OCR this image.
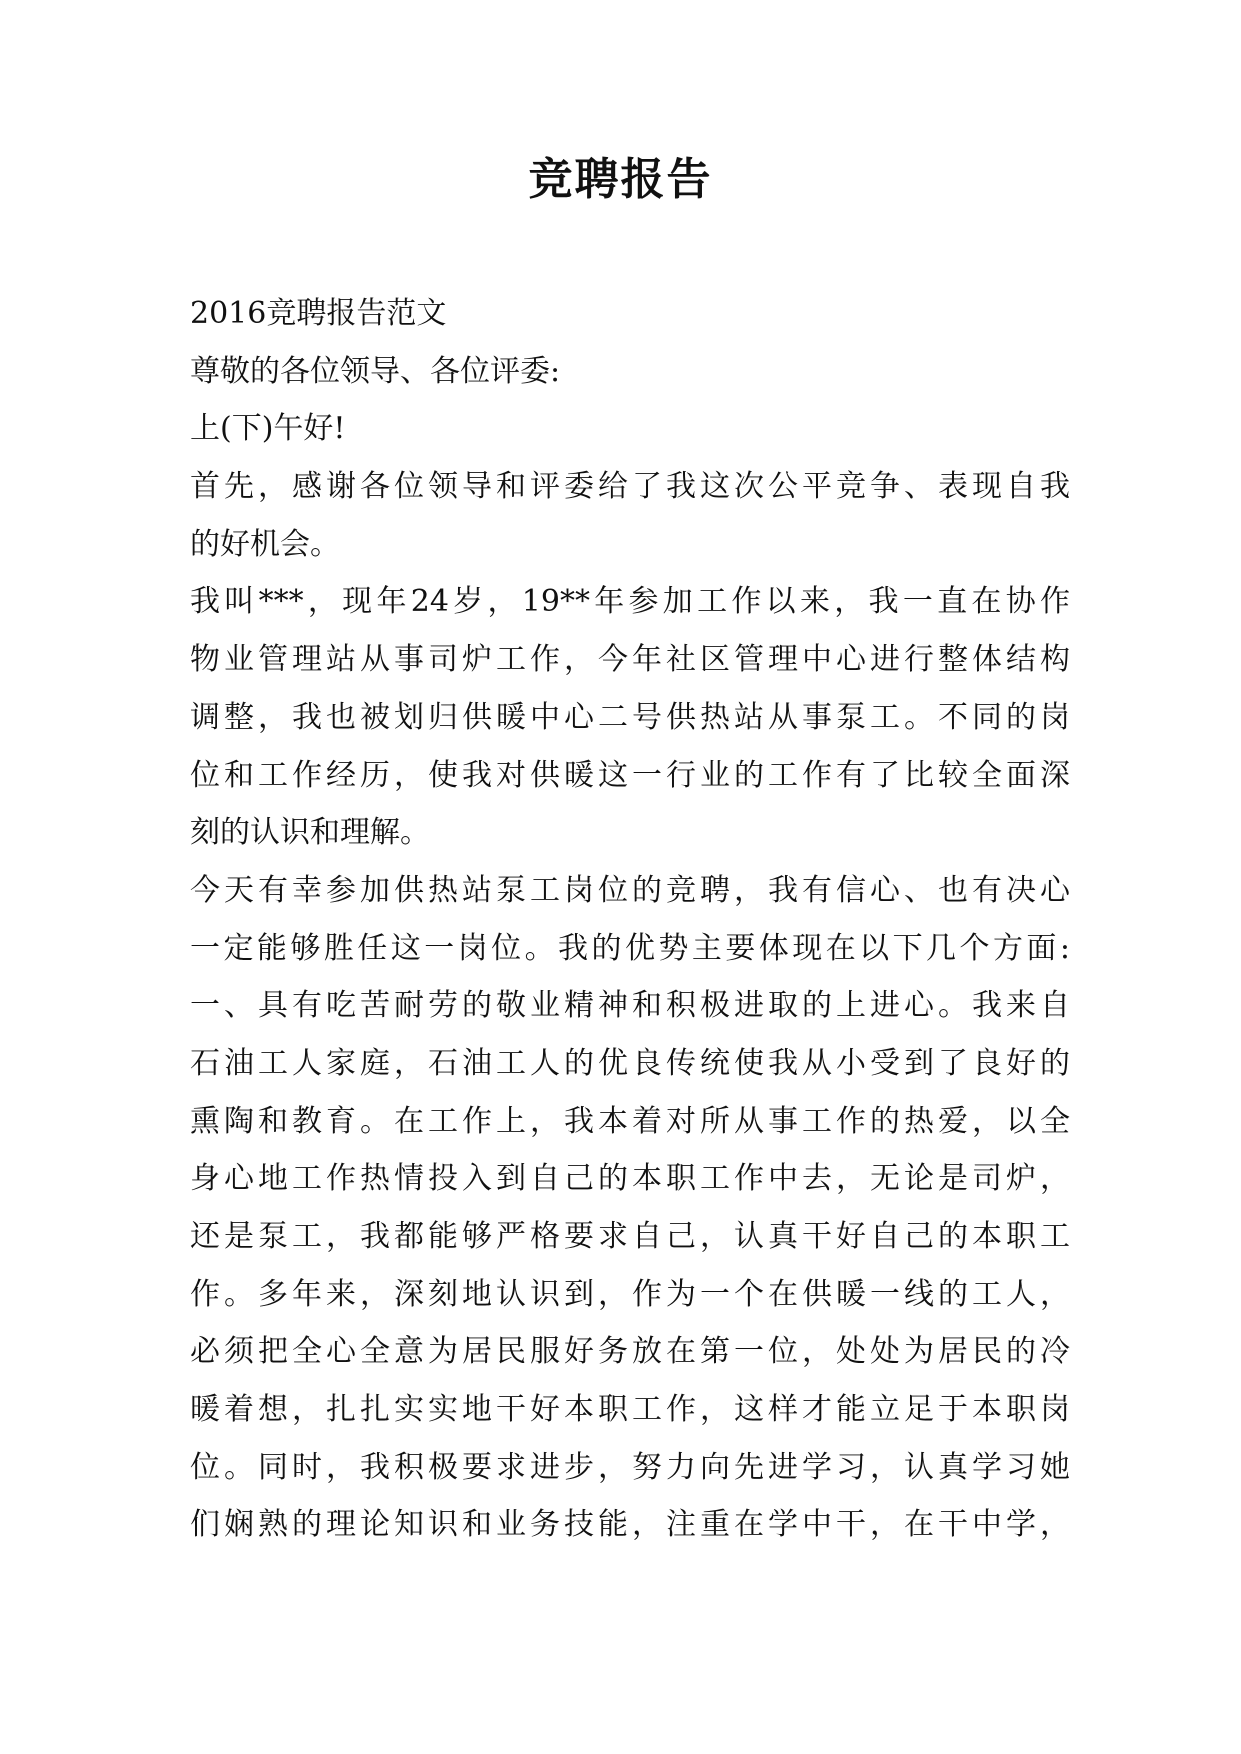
竞聘报告
2016竞聘报告范文
尊敬的各位领导、各位评委:
上(下)午好!
首先，感谢各位领导和评委给了我这次公平竞争、表现自我
的好机会。
我叫***，现年24岁，19**年参加工作以来，我一直在协作
物业管理站从事司炉工作，今年社区管理中心进行整体结构
调整，我也被划归供暖中心二号供热站从事泵工。不同的岗
位和工作经历，使我对供暖这一行业的工作有了比较全面深
刻的认识和理解。
今天有幸参加供热站泵工岗位的竞聘，我有信心、也有决心
一定能够胜任这一岗位。我的优势主要体现在以下几个方面:
一、具有吃苦耐劳的敬业精神和积极进取的上进心。我来自
石油工人家庭，石油工人的优良传统使我从小受到了良好的
熏陶和教育。在工作上，我本着对所从事工作的热爱，以全
身心地工作热情投入到自己的本职工作中去，无论是司炉，
还是泵工，我都能够严格要求自己，认真干好自己的本职工
作。多年来，深刻地认识到，作为一个在供暖一线的工人，
必须把全心全意为居民服好务放在第一位，处处为居民的冷
暖着想，扎扎实实地干好本职工作，这样才能立足于本职岗
位。同时，我积极要求进步，努力向先进学习，认真学习她
们娴熟的理论知识和业务技能，注重在学中干，在干中学，
